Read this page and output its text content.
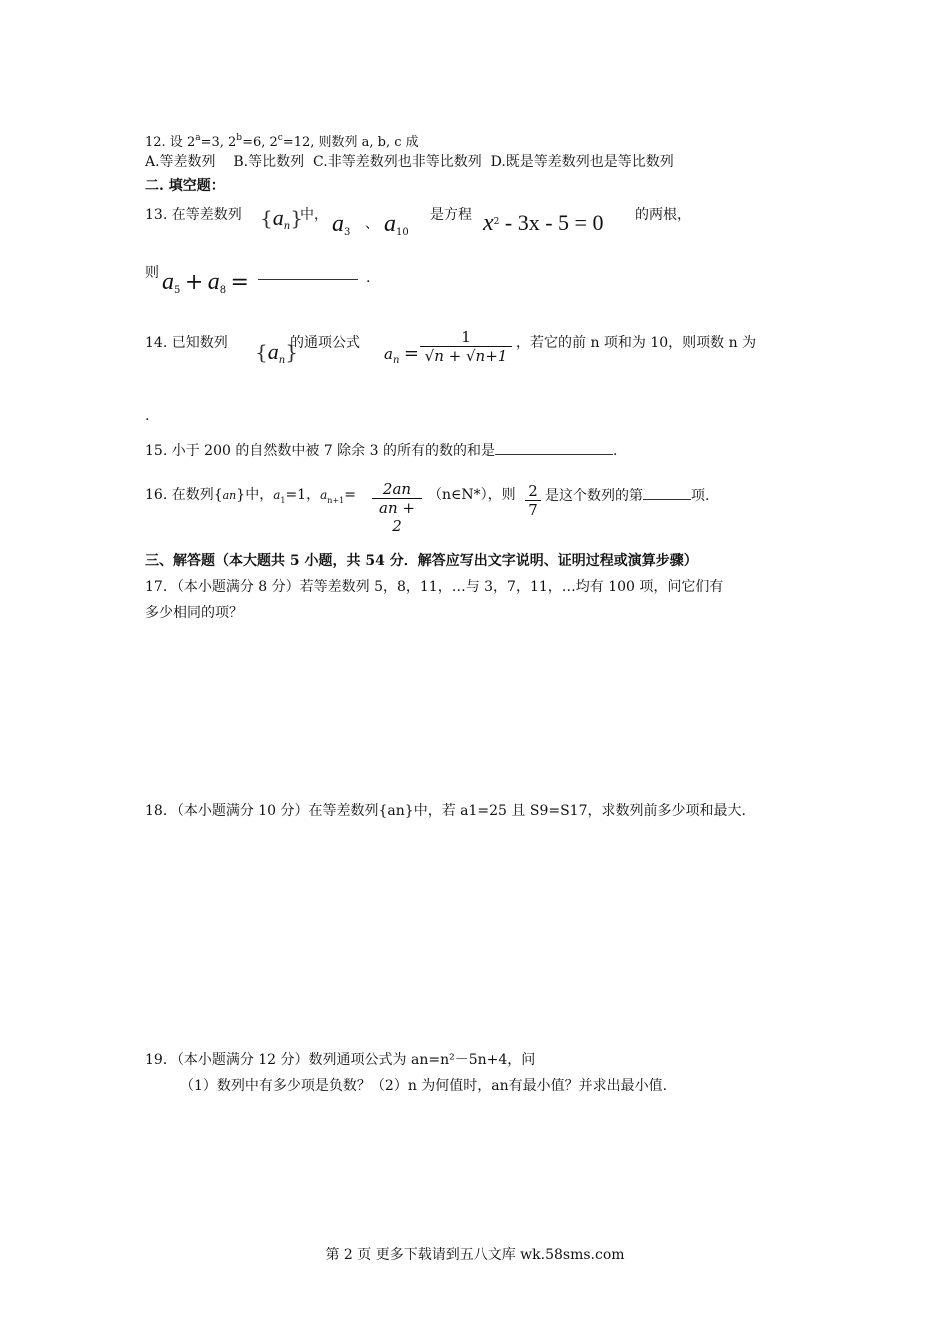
12. 设 $2^a=3$, $2^b=6$, $2^c=12$, 则数列 a, b, c 成
A.等差数列 B.等比数列 C.非等差数列也非等比数列 D.既是等差数列也是等比数列
二. 填空题：
13. 在等差数列 $\{a_n\}$
中， $a_3$
、 $a_{10}$
是方程 $x^2 - 3x - 5 = 0$ 的两根，
则 $a_5 + a_8$ =	.
14. 已知数列 $\{a_n\}$
的通项公式
$a_n = \frac{1}{√n + √n+1}$ ，若它的前 n 项和为 10，则项数 n 为
.
15. 小于 200 的自然数中被 7 除余 3 的所有的数的和是	.
16. 在数列{an}中，$a_1=1$，$a_{n+1}= \frac{2an}{an + 2}$ （n∈N*），则 $\frac{2}{7}$ 是这个数列的第	项.
三、解答题（本大题共 5 小题，共 54 分．解答应写出文字说明、证明过程或演算步骤）
17．（本小题满分 8 分）若等差数列 5，8，11，…与 3，7，11，…均有 100 项，问它们有
多少相同的项？
18．（本小题满分 10 分）在等差数列{an}中，若 a1=25 且 S9=S17，求数列前多少项和最大.
19．（本小题满分 12 分）数列通项公式为 an=n²－5n+4，问
（1）数列中有多少项是负数？（2）n 为何值时，an有最小值？并求出最小值.
第 2 页 更多下载请到五八文库 wk.58sms.com
